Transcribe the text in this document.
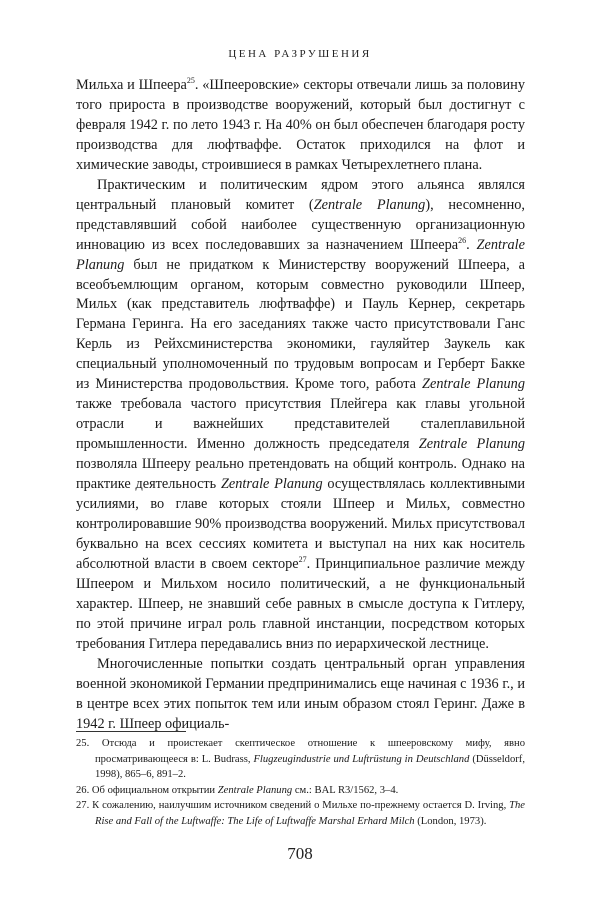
ЦЕНА РАЗРУШЕНИЯ

Мильха и Шпеера$^{25}$. «Шпееровские» секторы отвечали лишь за половину того прироста в производстве вооружений, который был достигнут с февраля 1942 г. по лето 1943 г. На 40% он был обеспечен благодаря росту производства для люфтваффе. Остаток приходился на флот и химические заводы, строившиеся в рамках Четырехлетнего плана.

Практическим и политическим ядром этого альянса являлся центральный плановый комитет (Zentrale Planung), несомненно, представлявший собой наиболее существенную организационную инновацию из всех последовавших за назначением Шпеера$^{26}$. Zentrale Planung был не придатком к Министерству вооружений Шпеера, а всеобъемлющим органом, которым совместно руководили Шпеер, Мильх (как представитель люфтваффе) и Пауль Кернер, секретарь Германа Геринга. На его заседаниях также часто присутствовали Ганс Керль из Рейхсминистерства экономики, гауляйтер Заукель как специальный уполномоченный по трудовым вопросам и Герберт Бакке из Министерства продовольствия. Кроме того, работа Zentrale Planung также требовала частого присутствия Плейгера как главы угольной отрасли и важнейших представителей сталеплавильной промышленности. Именно должность председателя Zentrale Planung позволяла Шпееру реально претендовать на общий контроль. Однако на практике деятельность Zentrale Planung осуществлялась коллективными усилиями, во главе которых стояли Шпеер и Мильх, совместно контролировавшие 90% производства вооружений. Мильх присутствовал буквально на всех сессиях комитета и выступал на них как носитель абсолютной власти в своем секторе$^{27}$. Принципиальное различие между Шпеером и Мильхом носило политический, а не функциональный характер. Шпеер, не знавший себе равных в смысле доступа к Гитлеру, по этой причине играл роль главной инстанции, посредством которых требования Гитлера передавались вниз по иерархической лестнице.

Многочисленные попытки создать центральный орган управления военной экономикой Германии предпринимались еще начиная с 1936 г., и в центре всех этих попыток тем или иным образом стоял Геринг. Даже в 1942 г. Шпеер официаль-

25. Отсюда и проистекает скептическое отношение к шпееровскому мифу, явно просматривающееся в: L. Budrass, Flugzeugindustrie und Luftrüstung in Deutschland (Düsseldorf, 1998), 865–6, 891–2.
26. Об официальном открытии Zentrale Planung см.: BAL R3/1562, 3–4.
27. К сожалению, наилучшим источником сведений о Мильхе по-прежнему остается D. Irving, The Rise and Fall of the Luftwaffe: The Life of Luftwaffe Marshal Erhard Milch (London, 1973).
708
